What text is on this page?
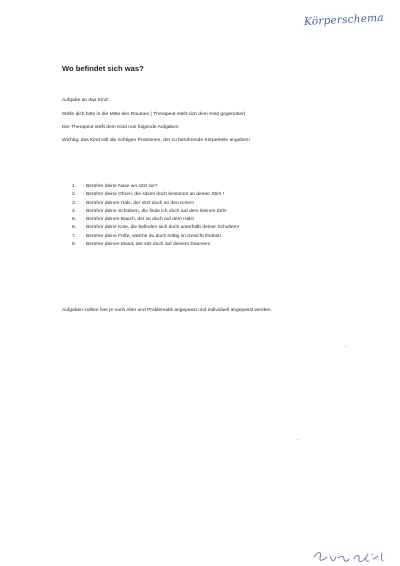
Körperschema
Wo befindet sich was?

Aufgabe an das Kind:

Stelle dich bitte in die Mitte des Raumes ( Therapeut stellt sich dem Kind gegenüber)

Der Therapeut stellt dem Kind nun folgende Aufgaben

Wichtig: das Kind soll die richtigen Positionen, der zu berührende Körperteile angeben!

1.	Berühre deine Nase wo sitzt sie?
2.	Berühre deine Ohren, die sitzen doch bestimmt an deiner Stirn !
3.	Berühre deinen Hals, der sitzt doch an den Knien!
4.	Berühre deine Schultern, die finde ich doch auf dem kleinen Zeh!
5.	Berühre deinen Bauch, der ist doch auf dem Hals!
6.	Berühre deine Knie, die befinden sich doch unterhalb deiner Schultern!
7.	Berühre deine Füße, welche du doch mittig im Gesicht findest!
8.	Berühre deinen Mund, der sitz doch auf deinem Daumen!
Aufgaben sollten hier je nach Alter und Problematik angepasst und individuell angepasst werden.
